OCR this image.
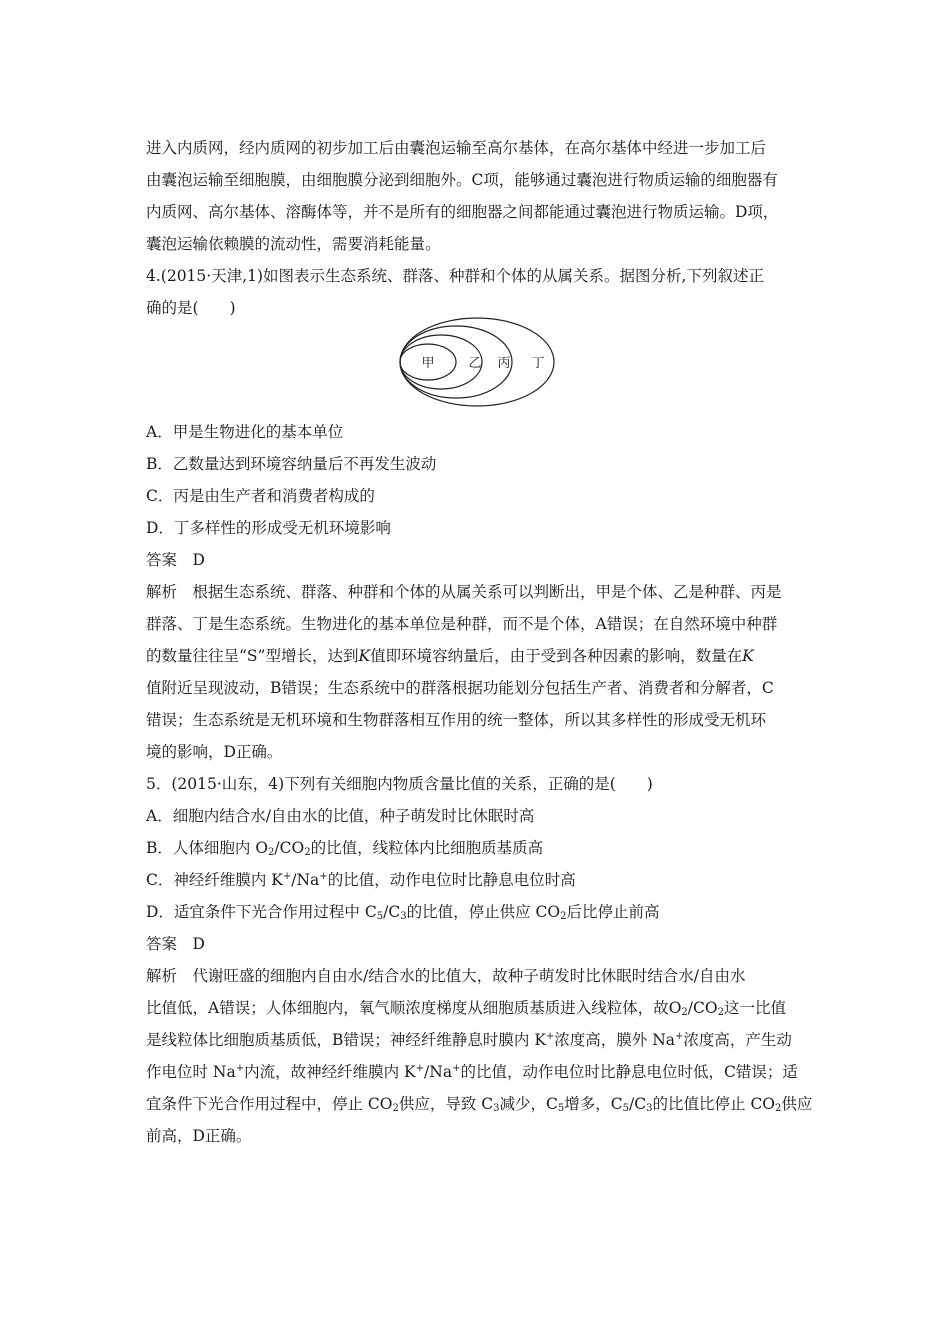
进入内质网，经内质网的初步加工后由囊泡运输至高尔基体，在高尔基体中经进一步加工后
由囊泡运输至细胞膜，由细胞膜分泌到细胞外。C项，能够通过囊泡进行物质运输的细胞器有
内质网、高尔基体、溶酶体等，并不是所有的细胞器之间都能通过囊泡进行物质运输。D项，
囊泡运输依赖膜的流动性，需要消耗能量。
4.(2015·天津,1)如图表示生态系统、群落、种群和个体的从属关系。据图分析,下列叙述正
确的是(　　)
甲	乙 丙 丁
A．甲是生物进化的基本单位
B．乙数量达到环境容纳量后不再发生波动
C．丙是由生产者和消费者构成的
D．丁多样性的形成受无机环境影响
答案　D
解析　根据生态系统、群落、种群和个体的从属关系可以判断出，甲是个体、乙是种群、丙是
群落、丁是生态系统。生物进化的基本单位是种群，而不是个体，A错误；在自然环境中种群
的数量往往呈“S”型增长，达到K值即环境容纳量后，由于受到各种因素的影响，数量在K
值附近呈现波动，B错误；生态系统中的群落根据功能划分包括生产者、消费者和分解者，C
错误；生态系统是无机环境和生物群落相互作用的统一整体，所以其多样性的形成受无机环
境的影响，D正确。
5．(2015·山东，4)下列有关细胞内物质含量比值的关系，正确的是(　　)
A．细胞内结合水/自由水的比值，种子萌发时比休眠时高
B．人体细胞内 $O_2/CO_2$的比值，线粒体内比细胞质基质高
C．神经纤维膜内 K+/Na+的比值，动作电位时比静息电位时高
D．适宜条件下光合作用过程中 $C_5/C_3$的比值，停止供应 $CO_2$后比停止前高
答案　D
解析　代谢旺盛的细胞内自由水/结合水的比值大，故种子萌发时比休眠时结合水/自由水
比值低，A错误；人体细胞内，氧气顺浓度梯度从细胞质基质进入线粒体，故$O_2/CO_2$这一比值
是线粒体比细胞质基质低，B错误；神经纤维静息时膜内 K+浓度高，膜外 Na+浓度高，产生动
作电位时 Na+内流，故神经纤维膜内 K+/Na+的比值，动作电位时比静息电位时低，C错误；适
宜条件下光合作用过程中，停止 $CO_2$供应，导致 $C_3$减少，$C_5$增多，$C_5/C_3$的比值比停止 $CO_2$供应
前高，D正确。
